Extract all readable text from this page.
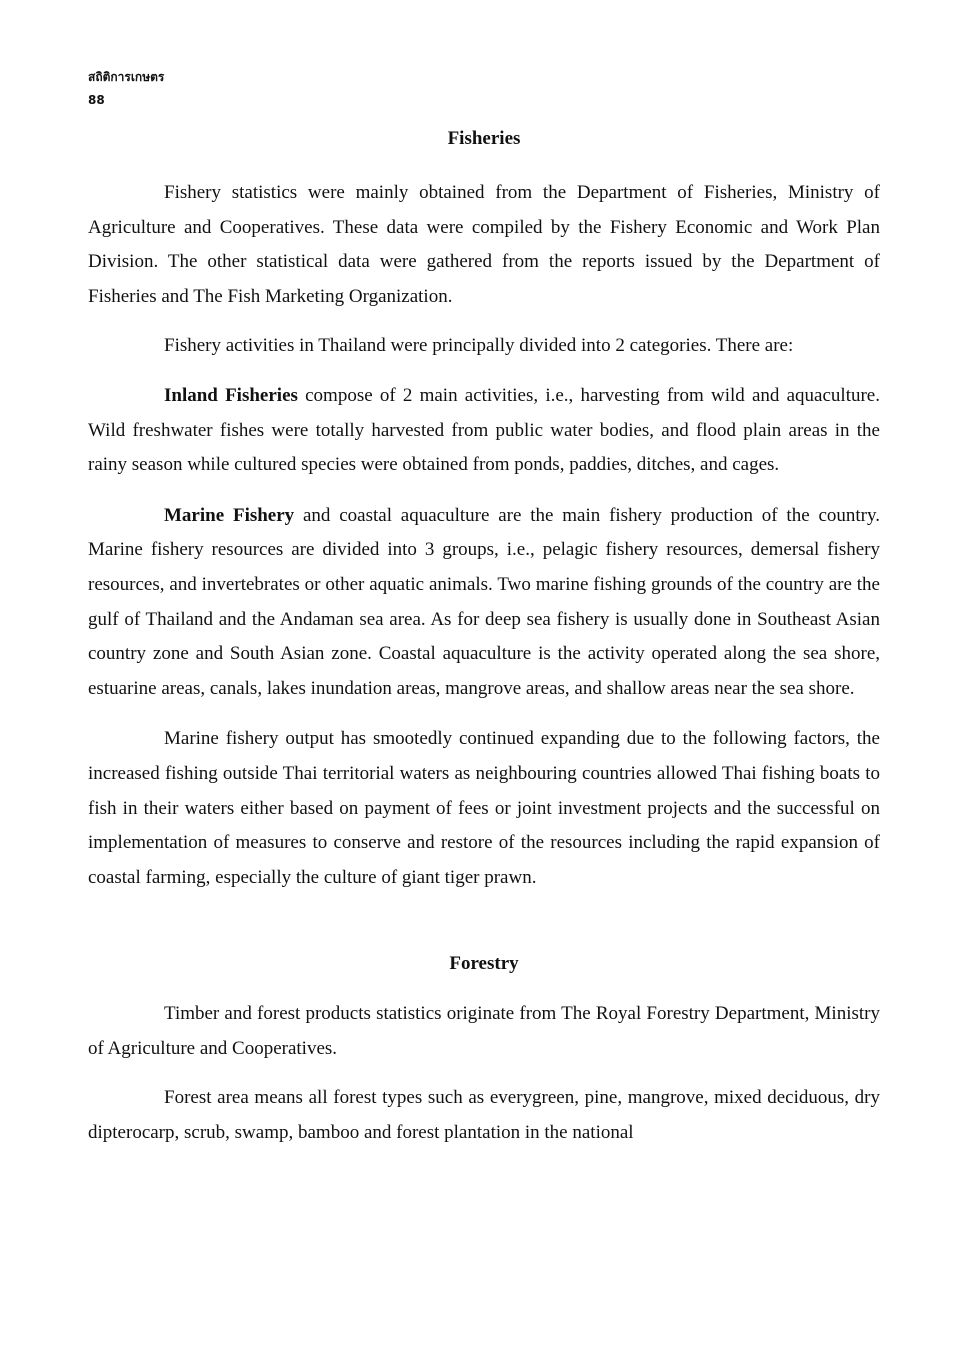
สถิติการเกษตร
88
Fisheries

Fishery statistics were mainly obtained from the Department of Fisheries, Ministry of Agriculture and Cooperatives. These data were compiled by the Fishery Economic and Work Plan Division. The other statistical data were gathered from the reports issued by the Department of Fisheries and The Fish Marketing Organization.

Fishery activities in Thailand were principally divided into 2 categories. There are:

Inland Fisheries compose of 2 main activities, i.e., harvesting from wild and aquaculture. Wild freshwater fishes were totally harvested from public water bodies, and flood plain areas in the rainy season while cultured species were obtained from ponds, paddies, ditches, and cages.

Marine Fishery and coastal aquaculture are the main fishery production of the country. Marine fishery resources are divided into 3 groups, i.e., pelagic fishery resources, demersal fishery resources, and invertebrates or other aquatic animals. Two marine fishing grounds of the country are the gulf of Thailand and the Andaman sea area. As for deep sea fishery is usually done in Southeast Asian country zone and South Asian zone. Coastal aquaculture is the activity operated along the sea shore, estuarine areas, canals, lakes inundation areas, mangrove areas, and shallow areas near the sea shore.

Marine fishery output has smootedly continued expanding due to the following factors, the increased fishing outside Thai territorial waters as neighbouring countries allowed Thai fishing boats to fish in their waters either based on payment of fees or joint investment projects and the successful on implementation of measures to conserve and restore of the resources including the rapid expansion of coastal farming, especially the culture of giant tiger prawn.

Forestry

Timber and forest products statistics originate from The Royal Forestry Department, Ministry of Agriculture and Cooperatives.

Forest area means all forest types such as everygreen, pine, mangrove, mixed deciduous, dry dipterocarp, scrub, swamp, bamboo and forest plantation in the national
